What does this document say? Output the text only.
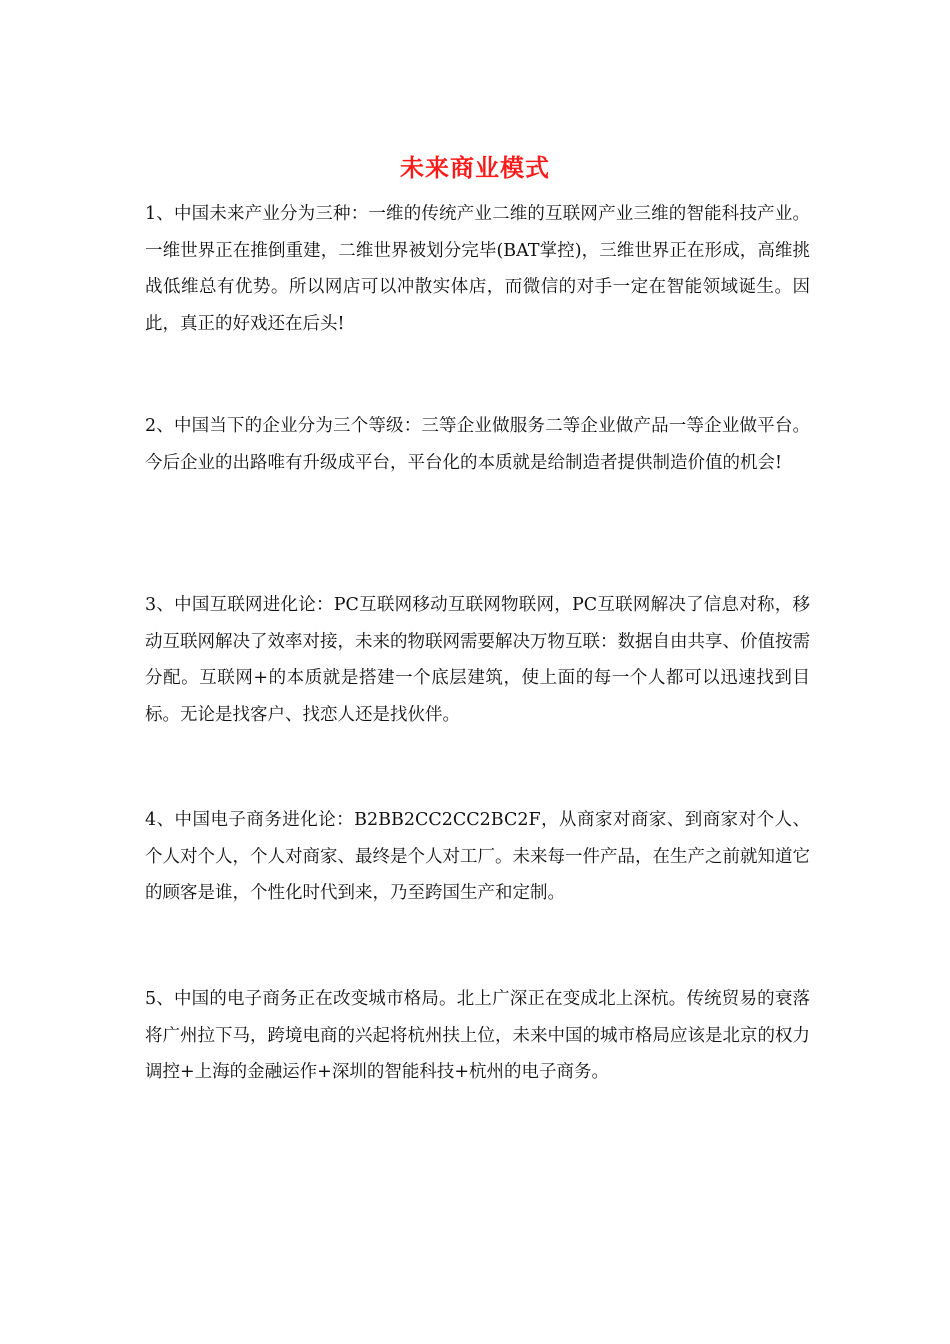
未来商业模式

1、中国未来产业分为三种：一维的传统产业二维的互联网产业三维的智能科技产业。一维世界正在推倒重建，二维世界被划分完毕(BAT掌控)，三维世界正在形成，高维挑战低维总有优势。所以网店可以冲散实体店，而微信的对手一定在智能领域诞生。因此，真正的好戏还在后头!

2、中国当下的企业分为三个等级：三等企业做服务二等企业做产品一等企业做平台。今后企业的出路唯有升级成平台，平台化的本质就是给制造者提供制造价值的机会!

3、中国互联网进化论：PC互联网移动互联网物联网，PC互联网解决了信息对称，移动互联网解决了效率对接，未来的物联网需要解决万物互联：数据自由共享、价值按需分配。互联网+的本质就是搭建一个底层建筑，使上面的每一个人都可以迅速找到目标。无论是找客户、找恋人还是找伙伴。

4、中国电子商务进化论：B2BB2CC2CC2BC2F，从商家对商家、到商家对个人、个人对个人，个人对商家、最终是个人对工厂。未来每一件产品，在生产之前就知道它的顾客是谁，个性化时代到来，乃至跨国生产和定制。

5、中国的电子商务正在改变城市格局。北上广深正在变成北上深杭。传统贸易的衰落将广州拉下马，跨境电商的兴起将杭州扶上位，未来中国的城市格局应该是北京的权力调控+上海的金融运作+深圳的智能科技+杭州的电子商务。
